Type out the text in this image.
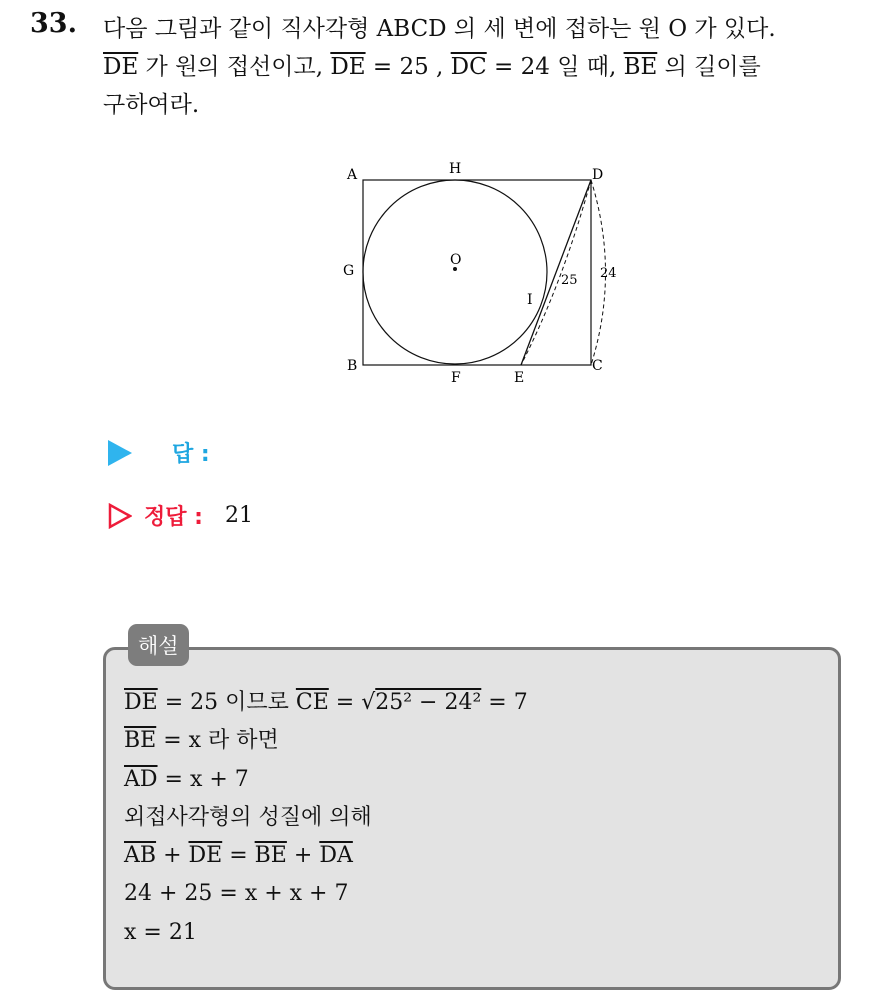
33. 다음 그림과 같이 직사각형 ABCD 의 세 변에 접하는 원 O 가 있다.
$\overline{DE}$ 가 원의 접선이고, $\overline{DE} = 25$ , $\overline{DC} = 24$ 일 때, $\overline{BE}$ 의 길이를
구하여라.
A	H	D
G
O
I
B
F	E
C
25 24
답 :
정답 : 21
해설
$\overline{DE} = 25$ 이므로 $\overline{CE} = √25^2 - 24^2 = 7$
$\overline{BE} = x$ 라 하면
$\overline{AD} = x + 7$
외접사각형의 성질에 의해
$\overline{AB} + \overline{DE} = \overline{BE} + \overline{DA}$
24 + 25 = x + x + 7
x = 21
